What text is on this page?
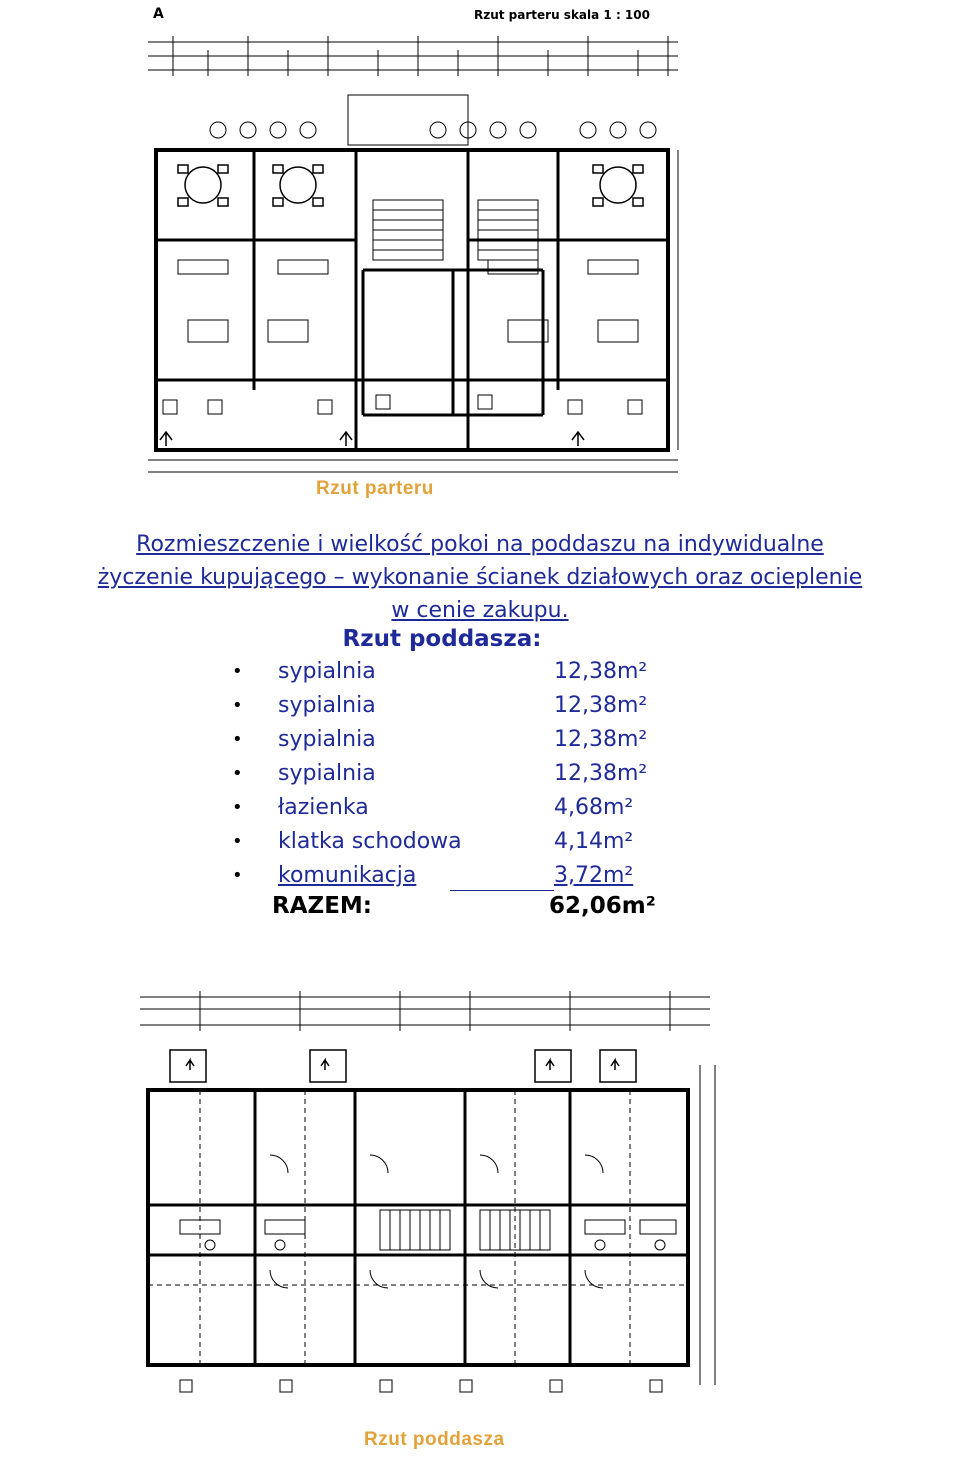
A	Rzut parteru skala 1 : 100
Rzut parteru
Rozmieszczenie i wielkość pokoi na poddaszu na indywidualne
życzenie kupującego – wykonanie ścianek działowych oraz ocieplenie
w cenie zakupu.
Rzut poddasza:
• sypialnia	12,38m²
• sypialnia	12,38m²
• sypialnia	12,38m²
• sypialnia	12,38m²
• łazienka	4,68m²
• klatka schodowa	4,14m²
• komunikacja	3,72m²
RAZEM:	62,06m²
Rzut poddasza
